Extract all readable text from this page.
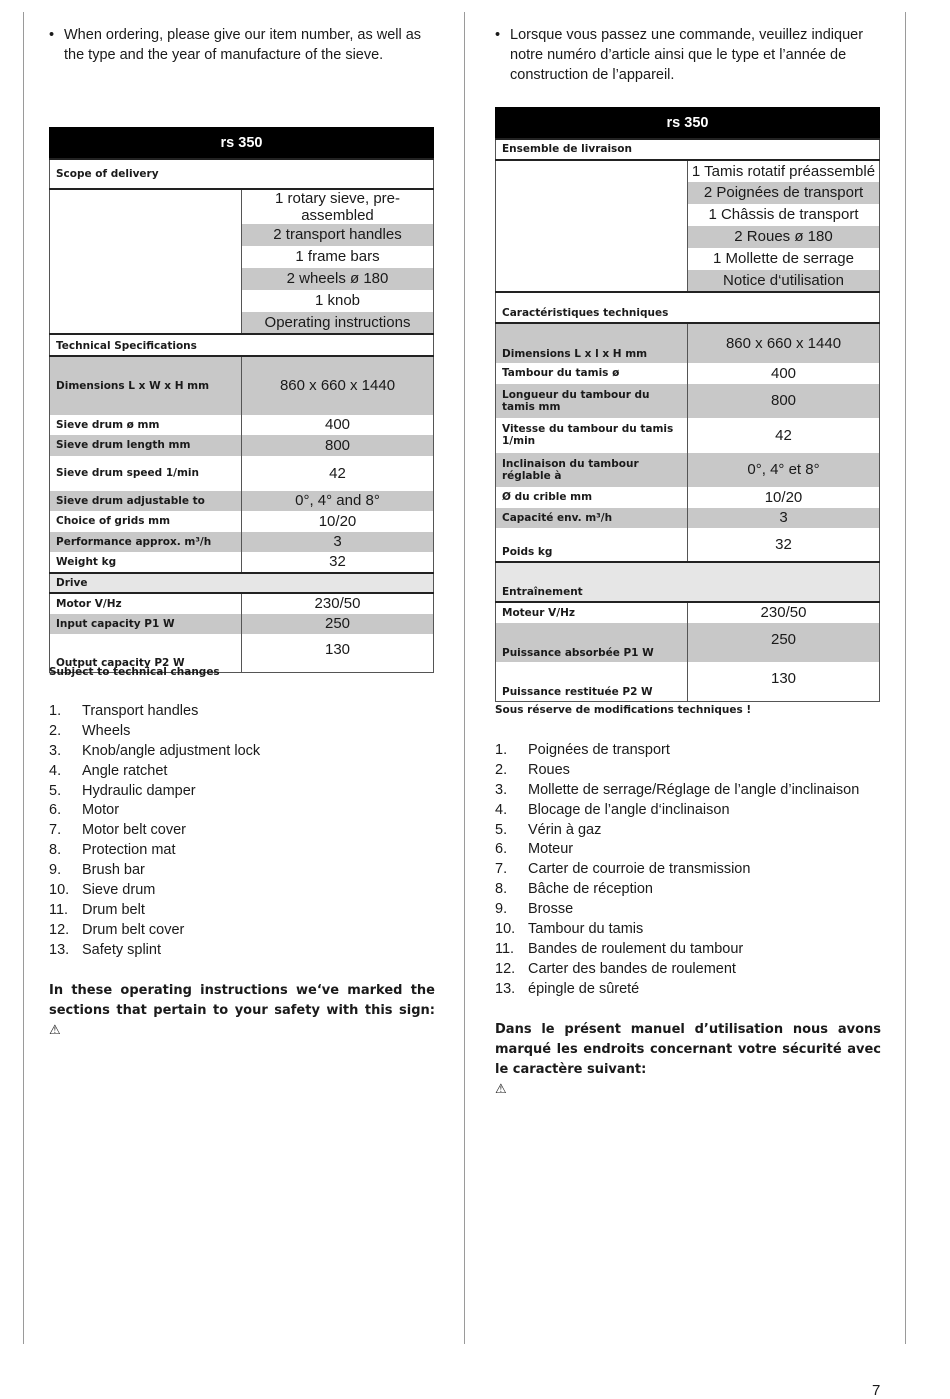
• When ordering, please give our item number, as well as the type and the year of manufacture of the sieve.
rs 350	
Scope of delivery	
	1 rotary sieve, pre-assembled
	2 transport handles
	1 frame bars
	2 wheels ø 180
	1 knob
	Operating instructions
Technical Specifications	
Dimensions L x W x H mm	860 x 660 x 1440
Sieve drum ø mm	400
Sieve drum length mm	800
Sieve drum speed 1/min	42
Sieve drum adjustable to	0°, 4° and 8°
Choice of grids mm	10/20
Performance approx. m³/h	3
Weight kg	32
Drive	
Motor V/Hz	230/50
Input capacity P1 W	250
Output capacity P2 W	130
Subject to technical changes
1. Transport handles
2. Wheels
3. Knob/angle adjustment lock
4. Angle ratchet
5. Hydraulic damper
6. Motor
7. Motor belt cover
8. Protection mat
9. Brush bar
10. Sieve drum
11. Drum belt
12. Drum belt cover
13. Safety splint
In these operating instructions we‘ve marked the sections that pertain to your safety with this sign: ⚠
• Lorsque vous passez une commande, veuillez indiquer notre numéro d’article ainsi que le type et l’année de construction de l’appareil.
rs 350	
Ensemble de livraison	
	1 Tamis rotatif préassemblé
	2 Poignées de transport
	1 Châssis de transport
	2 Roues ø 180
	1 Mollette de serrage
	Notice d‘utilisation
Caractéristiques techniques	
Dimensions L x l x H mm	860 x 660 x 1440
Tambour du tamis ø	400
Longueur du tambour du tamis mm	800
Vitesse du tambour du tamis 1/min	42
Inclinaison du tambour réglable à	0°, 4° et 8°
Ø du crible mm	10/20
Capacité env. m³/h	3
Poids kg	32
Entraînement	
Moteur V/Hz	230/50
Puissance absorbée P1 W	250
Puissance restituée P2 W	130
Sous réserve de modifications techniques !
1. Poignées de transport
2. Roues
3. Mollette de serrage/Réglage de l’angle d’inclinaison
4. Blocage de l’angle d‘inclinaison
5. Vérin à gaz
6. Moteur
7. Carter de courroie de transmission
8. Bâche de réception
9. Brosse
10. Tambour du tamis
11. Bandes de roulement du tambour
12. Carter des bandes de roulement
13. épingle de sûreté
Dans le présent manuel d’utilisation nous avons marqué les endroits concernant votre sécurité avec le caractère suivant:
⚠
7
